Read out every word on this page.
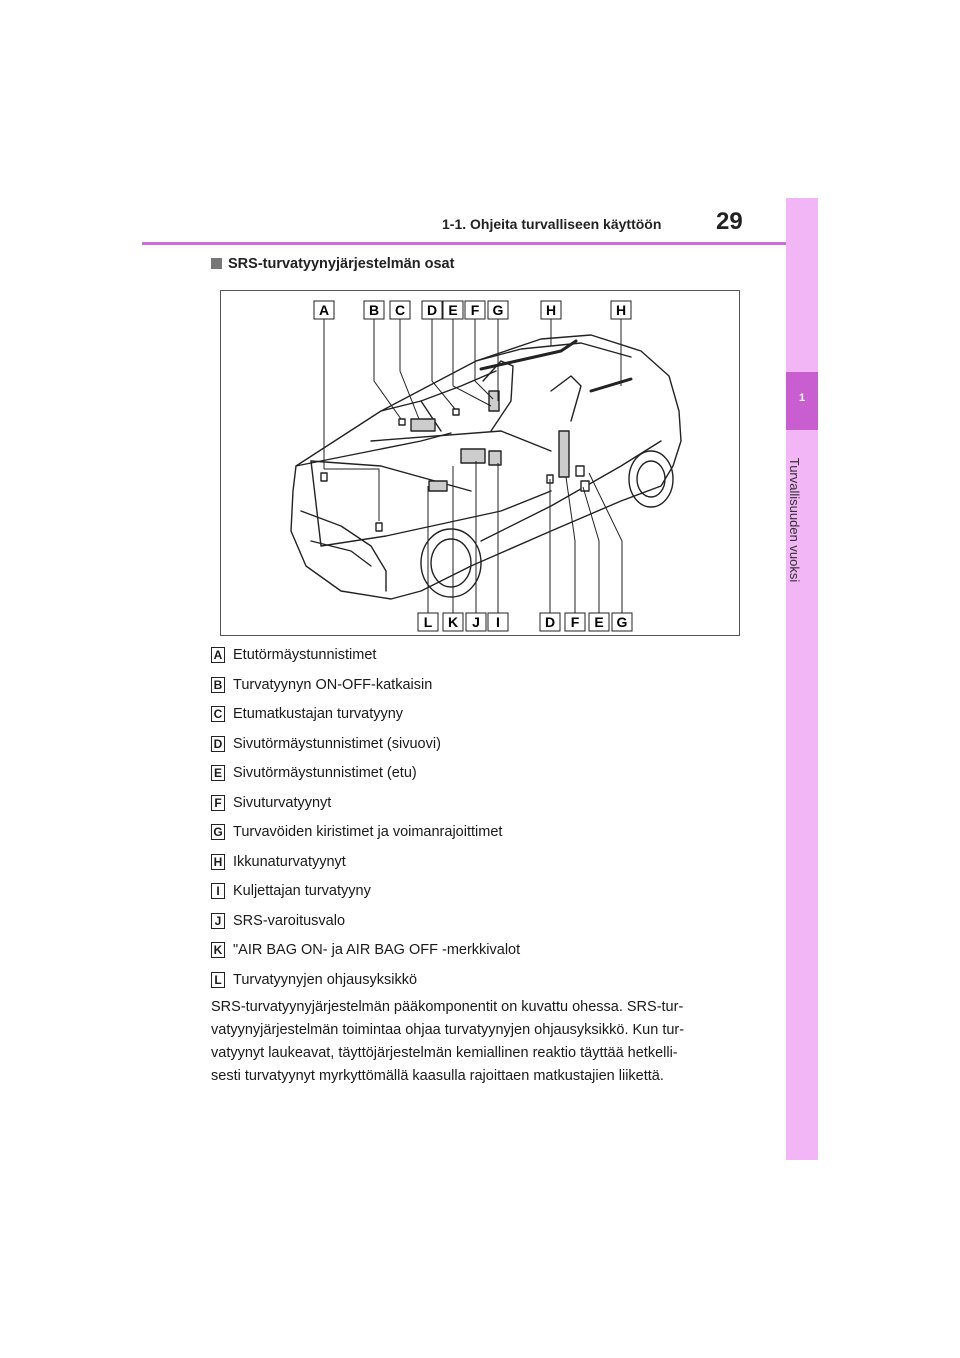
1-1. Ohjeita turvalliseen käyttöön 29
1
Turvallisuuden vuoksi
SRS-turvatyynyjärjestelmän osat
A	B C D E F G	H	H
L K J I	D F E G
A Etutörmäystunnistimet
B Turvatyynyn ON-OFF-katkaisin
C Etumatkustajan turvatyyny
D Sivutörmäystunnistimet (sivuovi)
E Sivutörmäystunnistimet (etu)
F Sivuturvatyynyt
G Turvavöiden kiristimet ja voimanrajoittimet
H Ikkunaturvatyynyt
I Kuljettajan turvatyyny
J SRS-varoitusvalo
K "AIR BAG ON- ja AIR BAG OFF -merkkivalot
L Turvatyynyjen ohjausyksikkö

SRS-turvatyynyjärjestelmän pääkomponentit on kuvattu ohessa. SRS-tur-
vatyynyjärjestelmän toimintaa ohjaa turvatyynyjen ohjausyksikkö. Kun tur-
vatyynyt laukeavat, täyttöjärjestelmän kemiallinen reaktio täyttää hetkelli-
sesti turvatyynyt myrkyttömällä kaasulla rajoittaen matkustajien liikettä.
